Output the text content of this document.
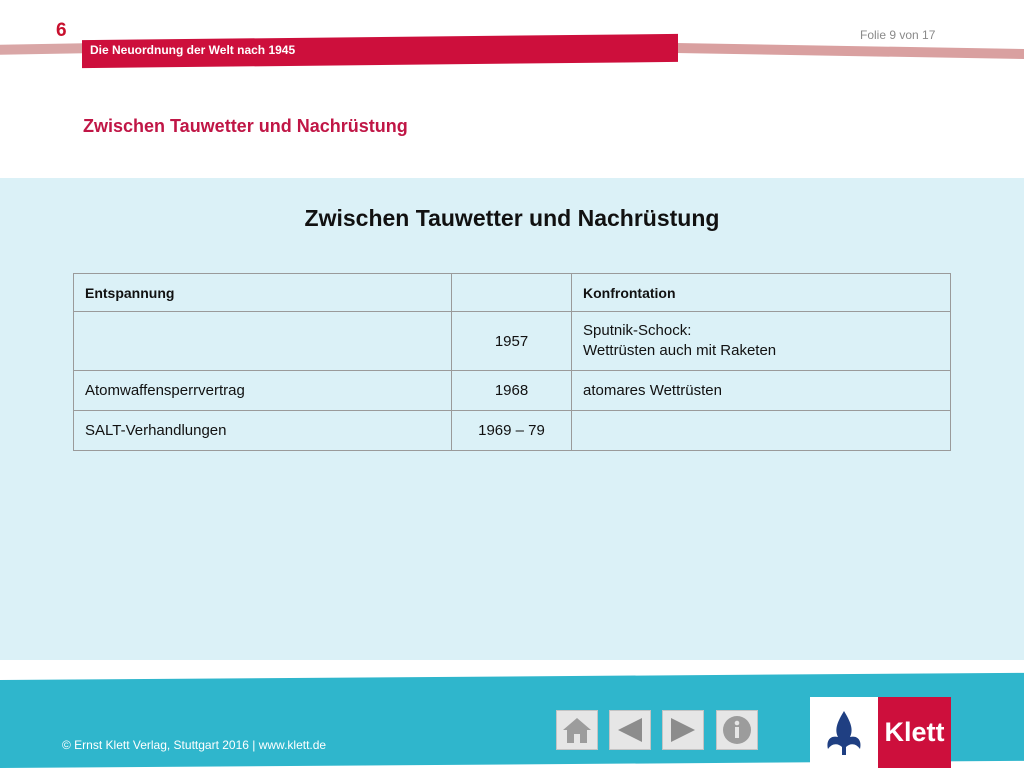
6
Die Neuordnung der Welt nach 1945
Folie 9 von 17
Zwischen Tauwetter und Nachrüstung
Zwischen Tauwetter und Nachrüstung
Entspannung		Konfrontation
	1957	Sputnik-Schock:
Wettrüsten auch mit Raketen

Atomwaffensperrvertrag	1968	atomares Wettrüsten
SALT-Verhandlungen	1969 – 79	
© Ernst Klett Verlag, Stuttgart 2016 | www.klett.de	Klett
